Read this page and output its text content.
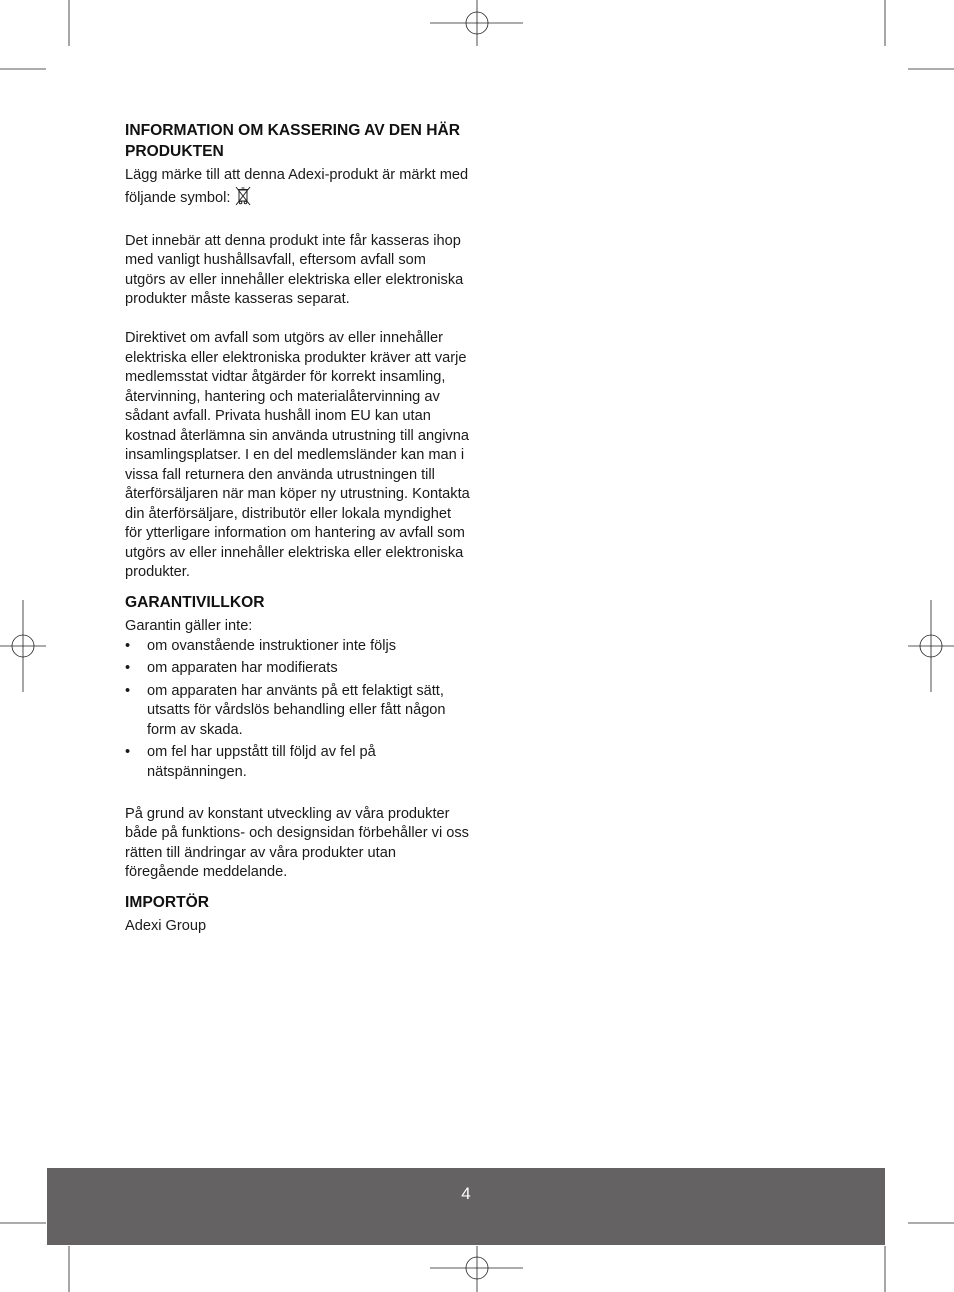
INFORMATION OM KASSERING AV DEN HÄR PRODUKTEN

Lägg märke till att denna Adexi-produkt är märkt med följande symbol:

Det innebär att denna produkt inte får kasseras ihop med vanligt hushållsavfall, eftersom avfall som utgörs av eller innehåller elektriska eller elektroniska produkter måste kasseras separat.

Direktivet om avfall som utgörs av eller innehåller elektriska eller elektroniska produkter kräver att varje medlemsstat vidtar åtgärder för korrekt insamling, återvinning, hantering och materialåtervinning av sådant avfall. Privata hushåll inom EU kan utan kostnad återlämna sin använda utrustning till angivna insamlingsplatser. I en del medlemsländer kan man i vissa fall returnera den använda utrustningen till återförsäljaren när man köper ny utrustning. Kontakta din återförsäljare, distributör eller lokala myndighet för ytterligare information om hantering av avfall som utgörs av eller innehåller elektriska eller elektroniska produkter.

GARANTIVILLKOR

Garantin gäller inte:

• om ovanstående instruktioner inte följs
• om apparaten har modifierats
• om apparaten har använts på ett felaktigt sätt, utsatts för vårdslös behandling eller fått någon form av skada.
• om fel har uppstått till följd av fel på nätspänningen.

På grund av konstant utveckling av våra produkter både på funktions- och designsidan förbehåller vi oss rätten till ändringar av våra produkter utan föregående meddelande.

IMPORTÖR

Adexi Group

4
